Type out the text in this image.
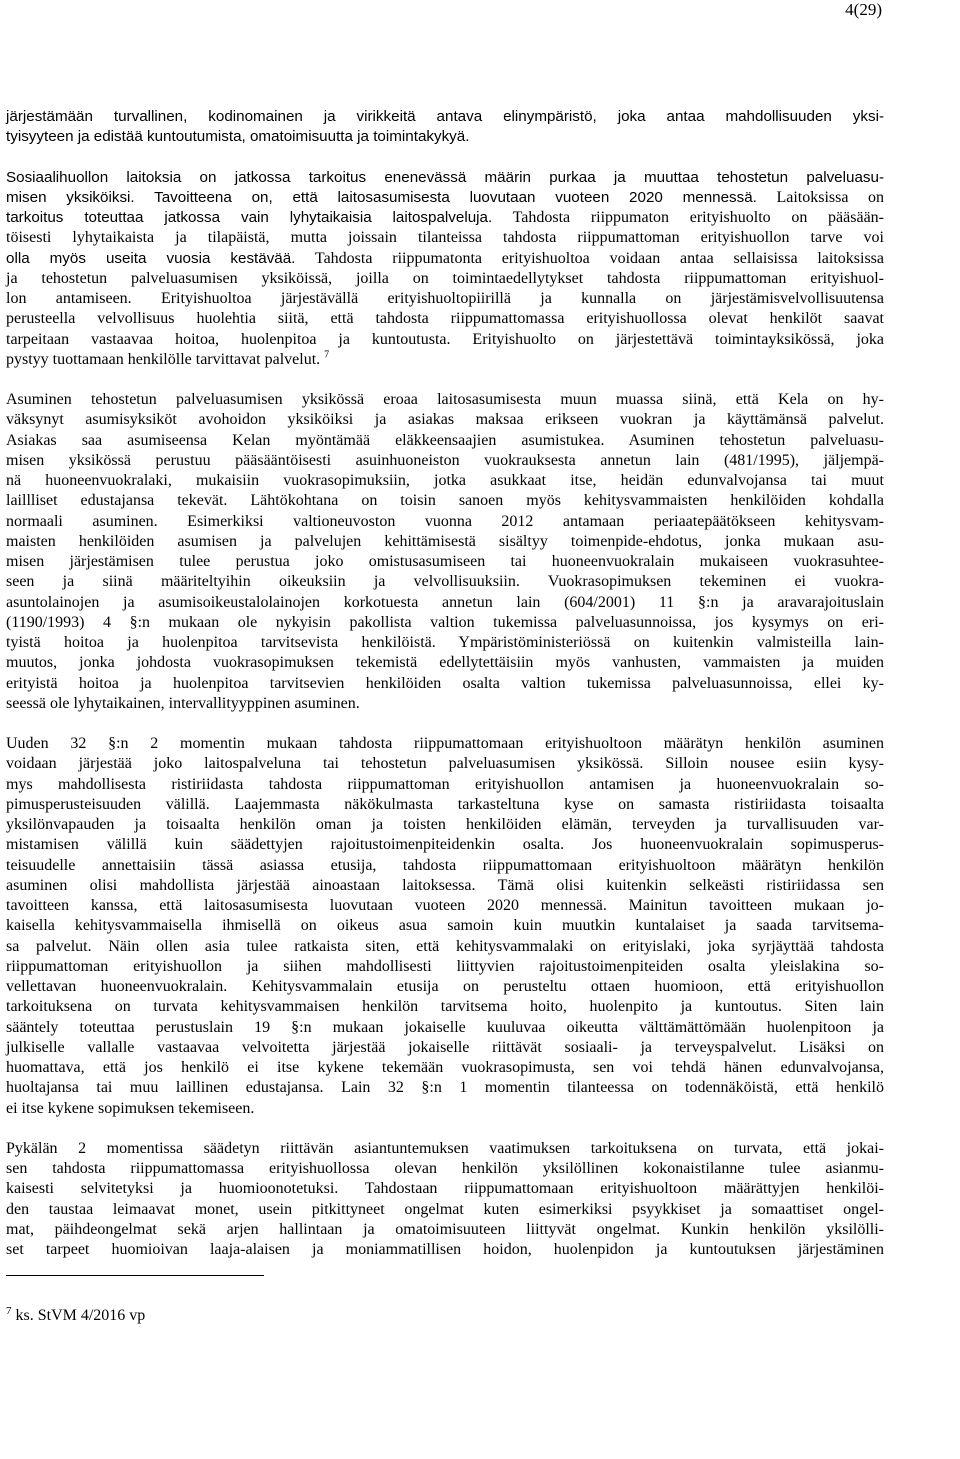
4(29)
järjestämään turvallinen, kodinomainen ja virikkeitä antava elinympäristö, joka antaa mahdollisuuden yksi-
tyisyyteen ja edistää kuntoutumista, omatoimisuutta ja toimintakykyä.
Sosiaalihuollon laitoksia on jatkossa tarkoitus enenevässä määrin purkaa ja muuttaa tehostetun palveluasu-
misen yksiköiksi. Tavoitteena on, että laitosasumisesta luovutaan vuoteen 2020 mennessä. Laitoksissa on
tarkoitus toteuttaa jatkossa vain lyhytaikaisia laitospalveluja. Tahdosta riippumaton erityishuolto on pääsään-
töisesti lyhytaikaista ja tilapäistä, mutta joissain tilanteissa tahdosta riippumattoman erityishuollon tarve voi
olla myös useita vuosia kestävää. Tahdosta riippumatonta erityishuoltoa voidaan antaa sellaisissa laitoksissa
ja tehostetun palveluasumisen yksiköissä, joilla on toimintaedellytykset tahdosta riippumattoman erityishuol-
lon antamiseen. Erityishuoltoa järjestävällä erityishuoltopiirillä ja kunnalla on järjestämisvelvollisuutensa
perusteella velvollisuus huolehtia siitä, että tahdosta riippumattomassa erityishuollossa olevat henkilöt saavat
tarpeitaan vastaavaa hoitoa, huolenpitoa ja kuntoutusta. Erityishuolto on järjestettävä toimintayksikössä, joka
pystyy tuottamaan henkilölle tarvittavat palvelut. $^7$
Asuminen tehostetun palveluasumisen yksikössä eroaa laitosasumisesta muun muassa siinä, että Kela on hy-
väksynyt asumisyksiköt avohoidon yksiköiksi ja asiakas maksaa erikseen vuokran ja käyttämänsä palvelut.
Asiakas saa asumiseensa Kelan myöntämää eläkkeensaajien asumistukea. Asuminen tehostetun palveluasu-
misen yksikössä perustuu pääsääntöisesti asuinhuoneiston vuokrauksesta annetun lain (481/1995), jäljempä-
nä huoneenvuokralaki, mukaisiin vuokrasopimuksiin, jotka asukkaat itse, heidän edunvalvojansa tai muut
laillliset edustajansa tekevät. Lähtökohtana on toisin sanoen myös kehitysvammaisten henkilöiden kohdalla
normaali asuminen. Esimerkiksi valtioneuvoston vuonna 2012 antamaan periaatepäätökseen kehitysvam-
maisten henkilöiden asumisen ja palvelujen kehittämisestä sisältyy toimenpide-ehdotus, jonka mukaan asu-
misen järjestämisen tulee perustua joko omistusasumiseen tai huoneenvuokralain mukaiseen vuokrasuhtee-
seen ja siinä määriteltyihin oikeuksiin ja velvollisuuksiin. Vuokrasopimuksen tekeminen ei vuokra-
asuntolainojen ja asumisoikeustalolainojen korkotuesta annetun lain (604/2001) 11 §:n ja aravarajoituslain
(1190/1993) 4 §:n mukaan ole nykyisin pakollista valtion tukemissa palveluasunnoissa, jos kysymys on eri-
tyistä hoitoa ja huolenpitoa tarvitsevista henkilöistä. Ympäristöministeriössä on kuitenkin valmisteilla lain-
muutos, jonka johdosta vuokrasopimuksen tekemistä edellytettäisiin myös vanhusten, vammaisten ja muiden
erityistä hoitoa ja huolenpitoa tarvitsevien henkilöiden osalta valtion tukemissa palveluasunnoissa, ellei ky-
seessä ole lyhytaikainen, intervallityyppinen asuminen.
Uuden 32 §:n 2 momentin mukaan tahdosta riippumattomaan erityishuoltoon määrätyn henkilön asuminen
voidaan järjestää joko laitospalveluna tai tehostetun palveluasumisen yksikössä. Silloin nousee esiin kysy-
mys mahdollisesta ristiriidasta tahdosta riippumattoman erityishuollon antamisen ja huoneenvuokralain so-
pimusperusteisuuden välillä. Laajemmasta näkökulmasta tarkasteltuna kyse on samasta ristiriidasta toisaalta
yksilönvapauden ja toisaalta henkilön oman ja toisten henkilöiden elämän, terveyden ja turvallisuuden var-
mistamisen välillä kuin säädettyjen rajoitustoimenpiteidenkin osalta. Jos huoneenvuokralain sopimusperus-
teisuudelle annettaisiin tässä asiassa etusija, tahdosta riippumattomaan erityishuoltoon määrätyn henkilön
asuminen olisi mahdollista järjestää ainoastaan laitoksessa. Tämä olisi kuitenkin selkeästi ristiriidassa sen
tavoitteen kanssa, että laitosasumisesta luovutaan vuoteen 2020 mennessä. Mainitun tavoitteen mukaan jo-
kaisella kehitysvammaisella ihmisellä on oikeus asua samoin kuin muutkin kuntalaiset ja saada tarvitsema-
sa palvelut. Näin ollen asia tulee ratkaista siten, että kehitysvammalaki on erityislaki, joka syrjäyttää tahdosta
riippumattoman erityishuollon ja siihen mahdollisesti liittyvien rajoitustoimenpiteiden osalta yleislakina so-
vellettavan huoneenvuokralain. Kehitysvammalain etusija on perusteltu ottaen huomioon, että erityishuollon
tarkoituksena on turvata kehitysvammaisen henkilön tarvitsema hoito, huolenpito ja kuntoutus. Siten lain
sääntely toteuttaa perustuslain 19 §:n mukaan jokaiselle kuuluvaa oikeutta välttämättömään huolenpitoon ja
julkiselle vallalle vastaavaa velvoitetta järjestää jokaiselle riittävät sosiaali- ja terveyspalvelut. Lisäksi on
huomattava, että jos henkilö ei itse kykene tekemään vuokrasopimusta, sen voi tehdä hänen edunvalvojansa,
huoltajansa tai muu laillinen edustajansa. Lain 32 §:n 1 momentin tilanteessa on todennäköistä, että henkilö
ei itse kykene sopimuksen tekemiseen.
Pykälän 2 momentissa säädetyn riittävän asiantuntemuksen vaatimuksen tarkoituksena on turvata, että jokai-
sen tahdosta riippumattomassa erityishuollossa olevan henkilön yksilöllinen kokonaistilanne tulee asianmu-
kaisesti selvitetyksi ja huomioonotetuksi. Tahdostaan riippumattomaan erityishuoltoon määrättyjen henkilöi-
den taustaa leimaavat monet, usein pitkittyneet ongelmat kuten esimerkiksi psyykkiset ja somaattiset ongel-
mat, päihdeongelmat sekä arjen hallintaan ja omatoimisuuteen liittyvät ongelmat. Kunkin henkilön yksilölli-
set tarpeet huomioivan laaja-alaisen ja moniammatillisen hoidon, huolenpidon ja kuntoutuksen järjestäminen
$^7$ ks. StVM 4/2016 vp
